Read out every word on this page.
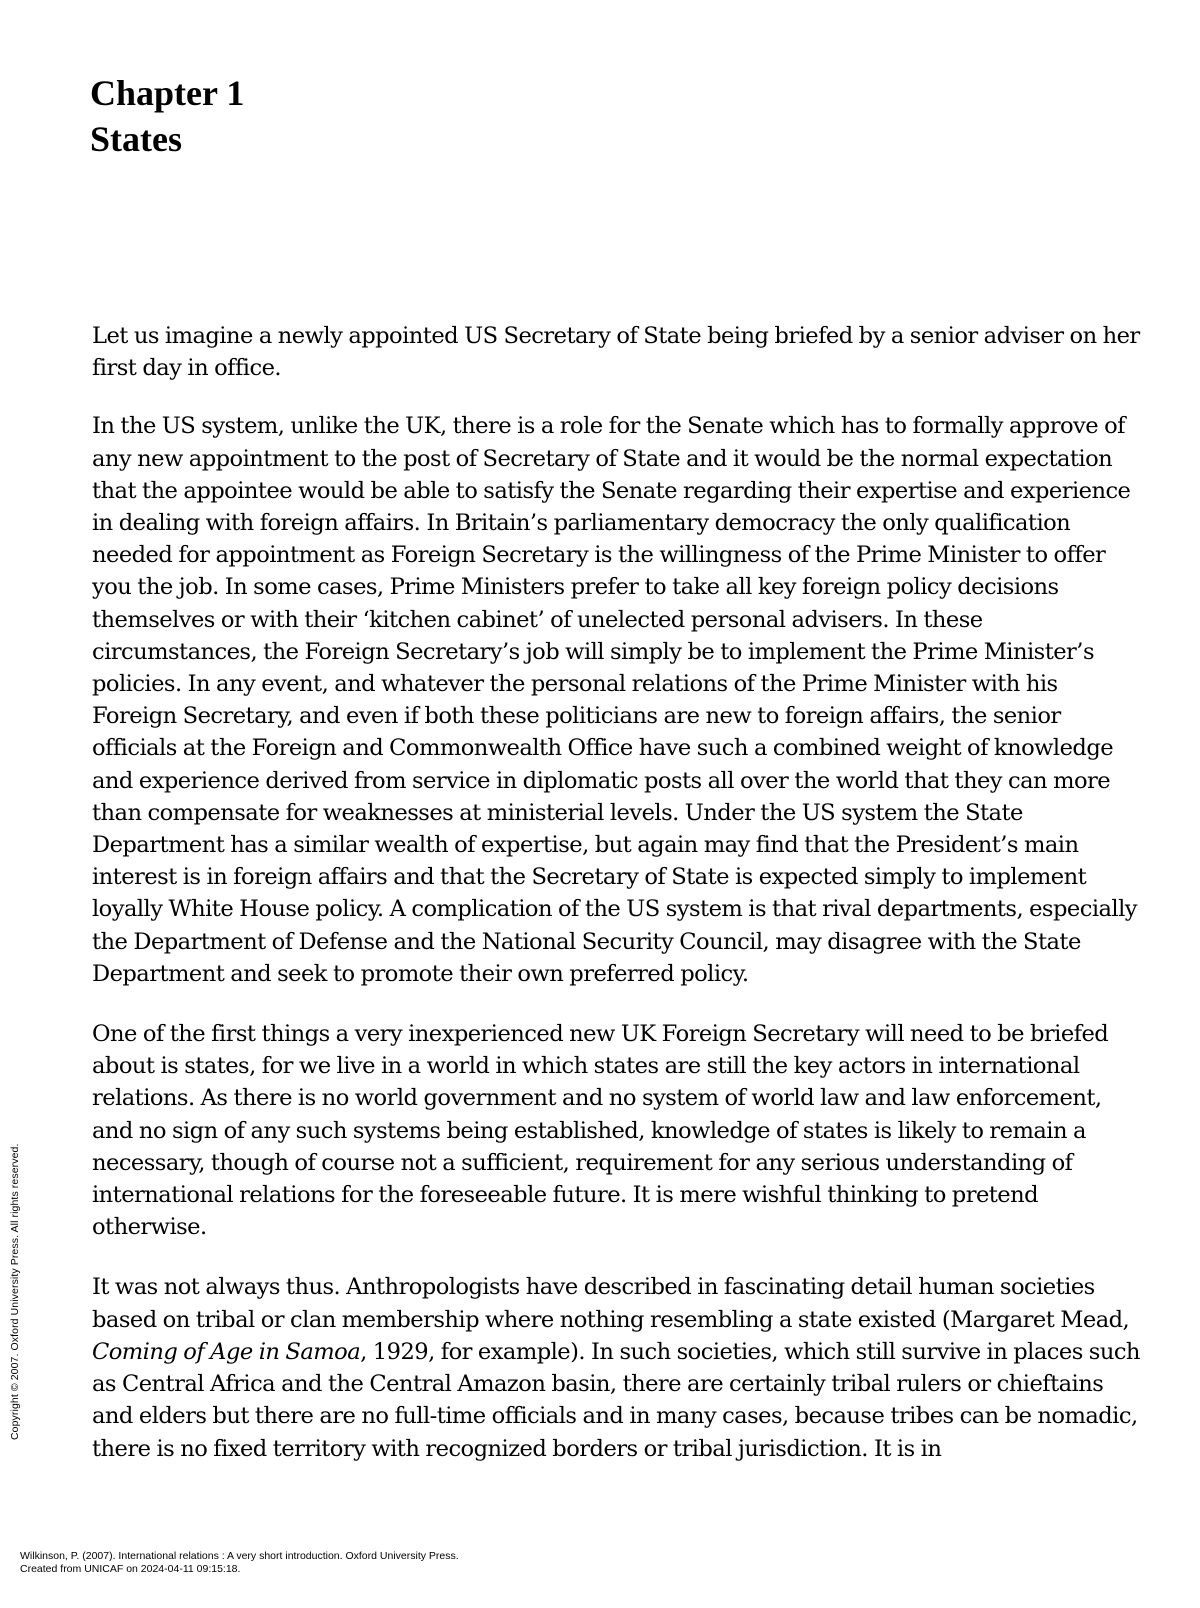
Chapter 1
States

Let us imagine a newly appointed US Secretary of State being briefed by a senior adviser on her first day in office.

In the US system, unlike the UK, there is a role for the Senate which has to formally approve of any new appointment to the post of Secretary of State and it would be the normal expectation that the appointee would be able to satisfy the Senate regarding their expertise and experience in dealing with foreign affairs. In Britain’s parliamentary democracy the only qualification needed for appointment as Foreign Secretary is the willingness of the Prime Minister to offer you the job. In some cases, Prime Ministers prefer to take all key foreign policy decisions themselves or with their ‘kitchen cabinet’ of unelected personal advisers. In these circumstances, the Foreign Secretary’s job will simply be to implement the Prime Minister’s policies. In any event, and whatever the personal relations of the Prime Minister with his Foreign Secretary, and even if both these politicians are new to foreign affairs, the senior officials at the Foreign and Commonwealth Office have such a combined weight of knowledge and experience derived from service in diplomatic posts all over the world that they can more than compensate for weaknesses at ministerial levels. Under the US system the State Department has a similar wealth of expertise, but again may find that the President’s main interest is in foreign affairs and that the Secretary of State is expected simply to implement loyally White House policy. A complication of the US system is that rival departments, especially the Department of Defense and the National Security Council, may disagree with the State Department and seek to promote their own preferred policy.

One of the first things a very inexperienced new UK Foreign Secretary will need to be briefed about is states, for we live in a world in which states are still the key actors in international relations. As there is no world government and no system of world law and law enforcement, and no sign of any such systems being established, knowledge of states is likely to remain a necessary, though of course not a sufficient, requirement for any serious understanding of international relations for the foreseeable future. It is mere wishful thinking to pretend otherwise.

It was not always thus. Anthropologists have described in fascinating detail human societies based on tribal or clan membership where nothing resembling a state existed (Margaret Mead, Coming of Age in Samoa, 1929, for example). In such societies, which still survive in places such as Central Africa and the Central Amazon basin, there are certainly tribal rulers or chieftains and elders but there are no full-time officials and in many cases, because tribes can be nomadic, there is no fixed territory with recognized borders or tribal jurisdiction. It is in

Copyright © 2007. Oxford University Press. All rights reserved.
Wilkinson, P. (2007). International relations : A very short introduction. Oxford University Press.
Created from UNICAF on 2024-04-11 09:15:18.
